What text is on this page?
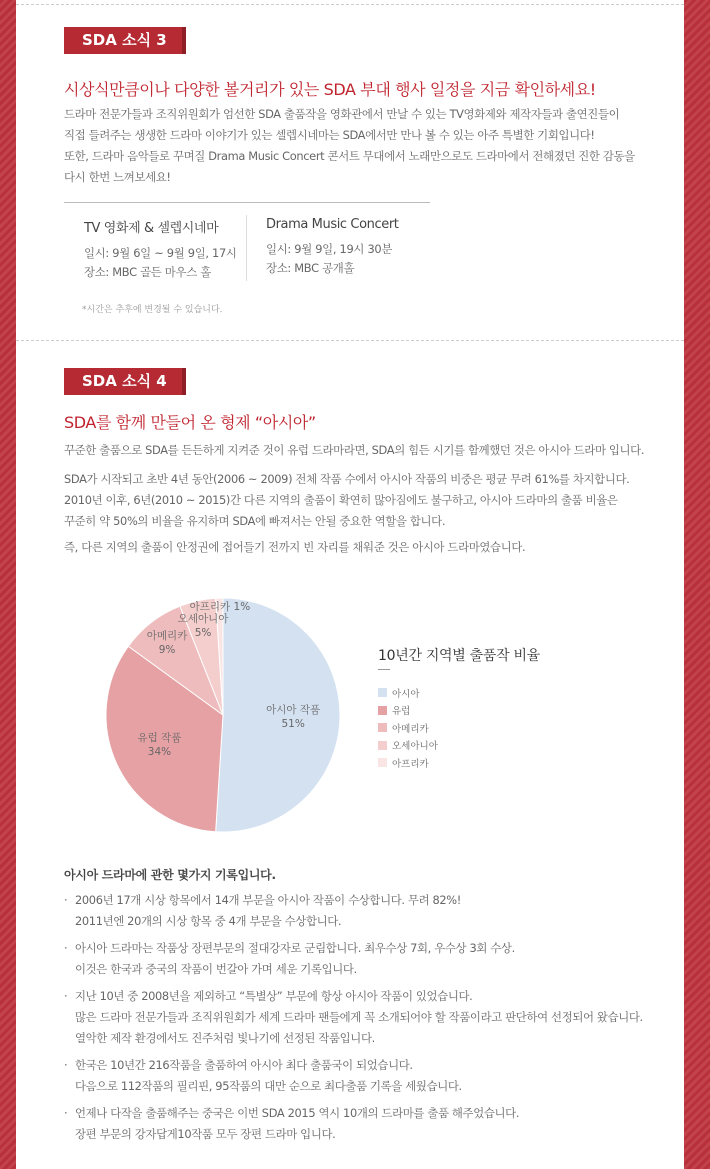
SDA 소식 3
시상식만큼이나 다양한 볼거리가 있는 SDA 부대 행사 일정을 지금 확인하세요!
드라마 전문가들과 조직위원회가 엄선한 SDA 출품작을 영화관에서 만날 수 있는 TV영화제와 제작자들과 출연진들이
직접 들려주는 생생한 드라마 이야기가 있는 셀렙시네마는 SDA에서만 만나 볼 수 있는 아주 특별한 기회입니다!
또한, 드라마 음악들로 꾸며질 Drama Music Concert 콘서트 무대에서 노래만으로도 드라마에서 전해졌던 진한 감동을
다시 한번 느껴보세요!
TV 영화제 & 셀렙시네마
일시: 9월 6일 ~ 9월 9일, 17시
장소: MBC 골든 마우스 홀
Drama Music Concert
일시: 9월 9일, 19시 30분
장소: MBC 공개홀
*시간은 추후에 변경될 수 있습니다.
SDA 소식 4
SDA를 함께 만들어 온 형제 “아시아”
꾸준한 출품으로 SDA를 든든하게 지켜준 것이 유럽 드라마라면, SDA의 힘든 시기를 함께했던 것은 아시아 드라마 입니다.
SDA가 시작되고 초반 4년 동안(2006 ~ 2009) 전체 작품 수에서 아시아 작품의 비중은 평균 무려 61%를 차지합니다.
2010년 이후, 6년(2010 ~ 2015)간 다른 지역의 출품이 확연히 많아짐에도 불구하고, 아시아 드라마의 출품 비율은
꾸준히 약 50%의 비율을 유지하며 SDA에 빠져서는 안될 중요한 역할을 합니다.
즉, 다른 지역의 출품이 안정권에 접어들기 전까지 빈 자리를 채워준 것은 아시아 드라마였습니다.
아시아 작품
51%
유럽 작품
34%
아메리카
9%
오세아니아
5%
아프리카 1%
10년간 지역별 출품작 비율
아시아
유럽
아메리카
오세아니아
아프리카
아시아 드라마에 관한 몇가지 기록입니다.
· 2006년 17개 시상 항목에서 14개 부문을 아시아 작품이 수상합니다. 무려 82%!
2011년엔 20개의 시상 항목 중 4개 부문을 수상합니다.
· 아시아 드라마는 작품상 장편부문의 절대강자로 군림합니다. 최우수상 7회, 우수상 3회 수상.
이것은 한국과 중국의 작품이 번갈아 가며 세운 기록입니다.
· 지난 10년 중 2008년을 제외하고 “특별상” 부문에 항상 아시아 작품이 있었습니다.
많은 드라마 전문가들과 조직위원회가 세계 드라마 팬들에게 꼭 소개되어야 할 작품이라고 판단하여 선정되어 왔습니다.
열악한 제작 환경에서도 진주처럼 빛나기에 선정된 작품입니다.
· 한국은 10년간 216작품을 출품하여 아시아 최다 출품국이 되었습니다.
다음으로 112작품의 필리핀, 95작품의 대만 순으로 최다출품 기록을 세웠습니다.
· 언제나 다작을 출품해주는 중국은 이번 SDA 2015 역시 10개의 드라마를 출품 해주었습니다.
장편 부문의 강자답게10작품 모두 장편 드라마 입니다.
